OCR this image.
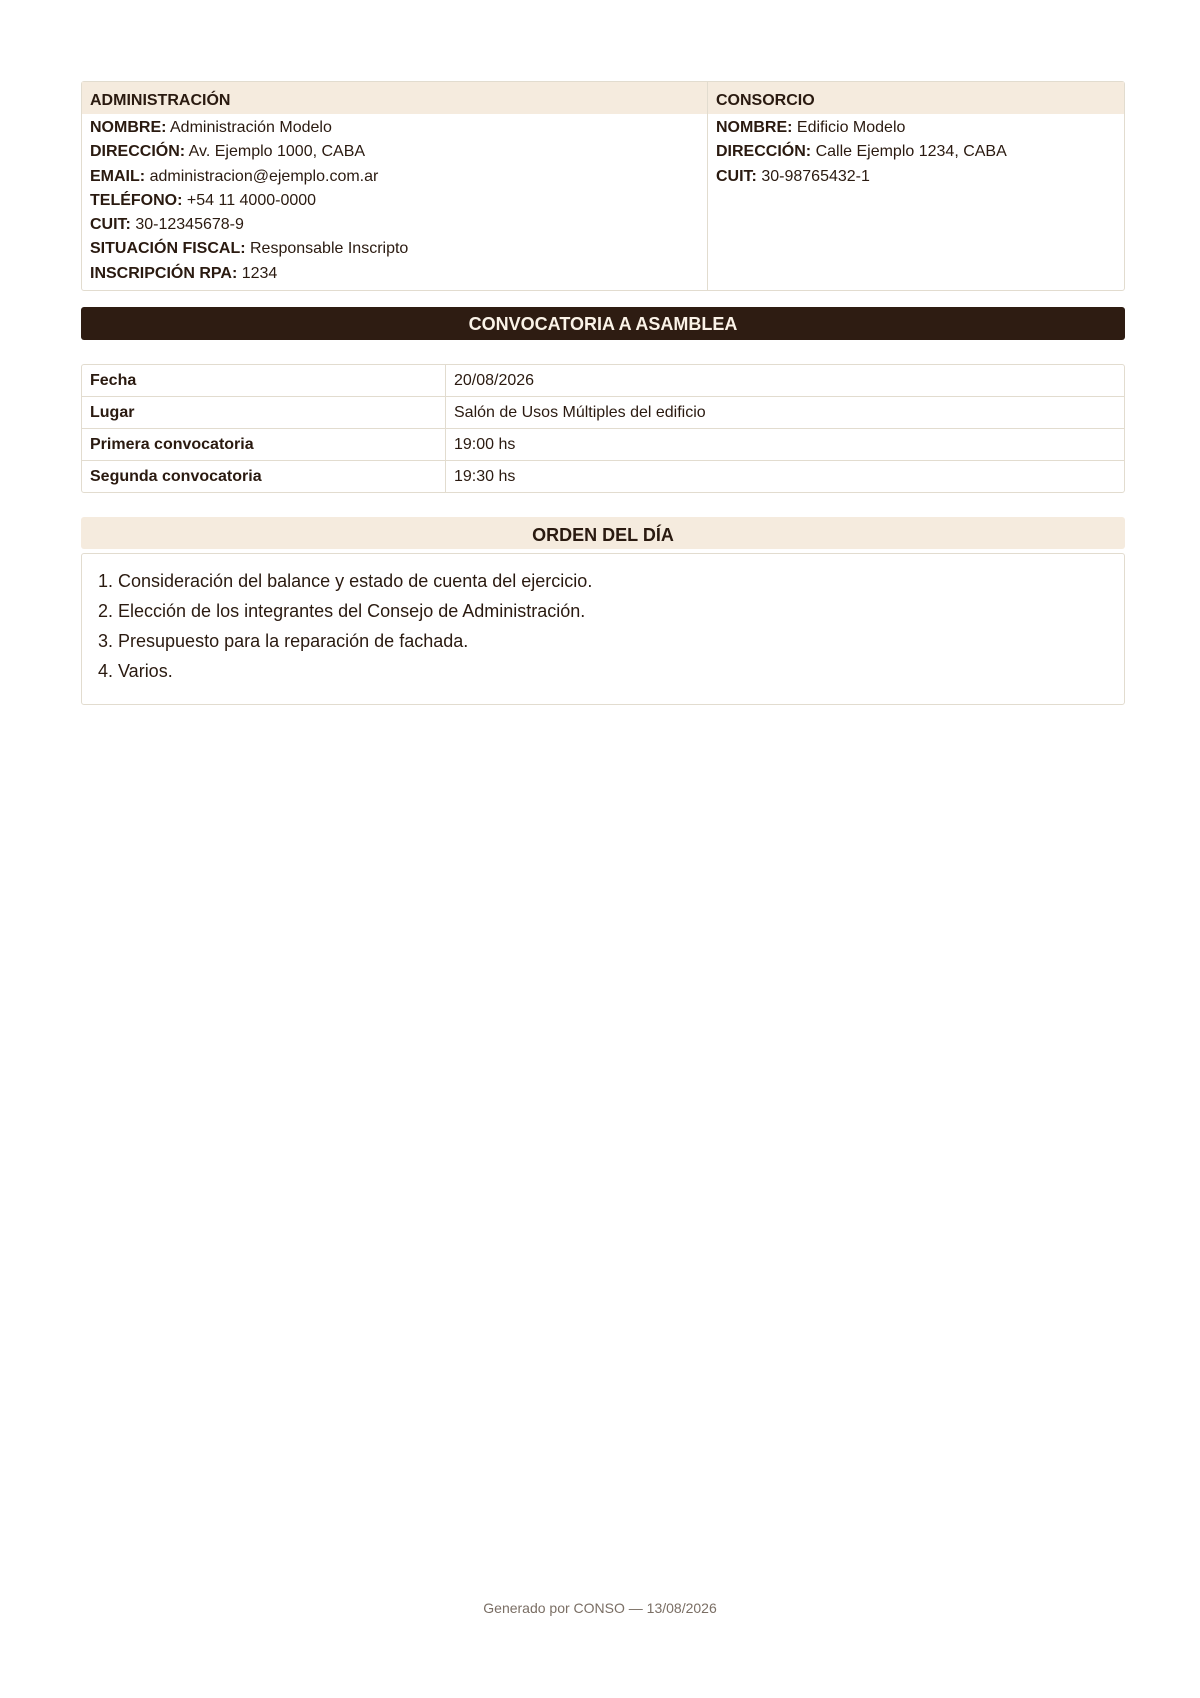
ADMINISTRACIÓN
NOMBRE: Administración Modelo
DIRECCIÓN: Av. Ejemplo 1000, CABA
EMAIL: administracion@ejemplo.com.ar
TELÉFONO: +54 11 4000-0000
CUIT: 30-12345678-9
SITUACIÓN FISCAL: Responsable Inscripto
INSCRIPCIÓN RPA: 1234
CONSORCIO
NOMBRE: Edificio Modelo
DIRECCIÓN: Calle Ejemplo 1234, CABA
CUIT: 30-98765432-1
CONVOCATORIA A ASAMBLEA
Fecha	20/08/2026
Lugar	Salón de Usos Múltiples del edificio
Primera convocatoria	19:00 hs
Segunda convocatoria	19:30 hs
ORDEN DEL DÍA
1. Consideración del balance y estado de cuenta del ejercicio.
2. Elección de los integrantes del Consejo de Administración.
3. Presupuesto para la reparación de fachada.
4. Varios.
Generado por CONSO — 13/08/2026
